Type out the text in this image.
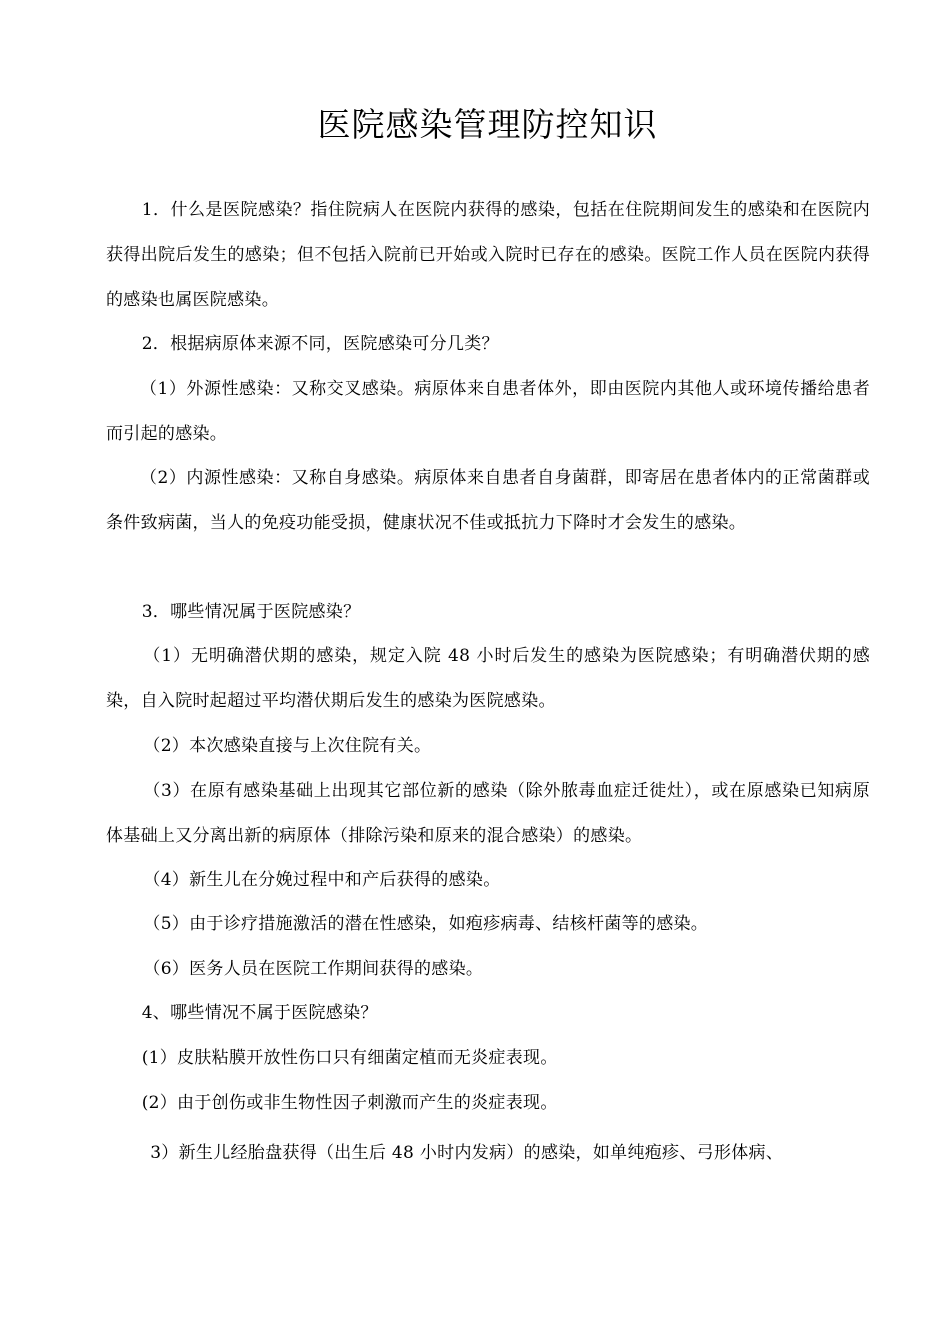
医院感染管理防控知识

1．什么是医院感染？指住院病人在医院内获得的感染，包括在住院期间发生的感染和在医院内获得出院后发生的感染；但不包括入院前已开始或入院时已存在的感染。医院工作人员在医院内获得的感染也属医院感染。

2．根据病原体来源不同，医院感染可分几类？

（1）外源性感染：又称交叉感染。病原体来自患者体外，即由医院内其他人或环境传播给患者而引起的感染。

（2）内源性感染：又称自身感染。病原体来自患者自身菌群，即寄居在患者体内的正常菌群或条件致病菌，当人的免疫功能受损，健康状况不佳或抵抗力下降时才会发生的感染。

3．哪些情况属于医院感染？

（1）无明确潜伏期的感染，规定入院 48 小时后发生的感染为医院感染；有明确潜伏期的感染，自入院时起超过平均潜伏期后发生的感染为医院感染。

（2）本次感染直接与上次住院有关。

（3）在原有感染基础上出现其它部位新的感染（除外脓毒血症迁徙灶），或在原感染已知病原体基础上又分离出新的病原体（排除污染和原来的混合感染）的感染。

（4）新生儿在分娩过程中和产后获得的感染。

（5）由于诊疗措施激活的潜在性感染，如疱疹病毒、结核杆菌等的感染。

（6）医务人员在医院工作期间获得的感染。

4、哪些情况不属于医院感染？

(1）皮肤粘膜开放性伤口只有细菌定植而无炎症表现。

(2）由于创伤或非生物性因子刺激而产生的炎症表现。

3）新生儿经胎盘获得（出生后 48 小时内发病）的感染，如单纯疱疹、弓形体病、
